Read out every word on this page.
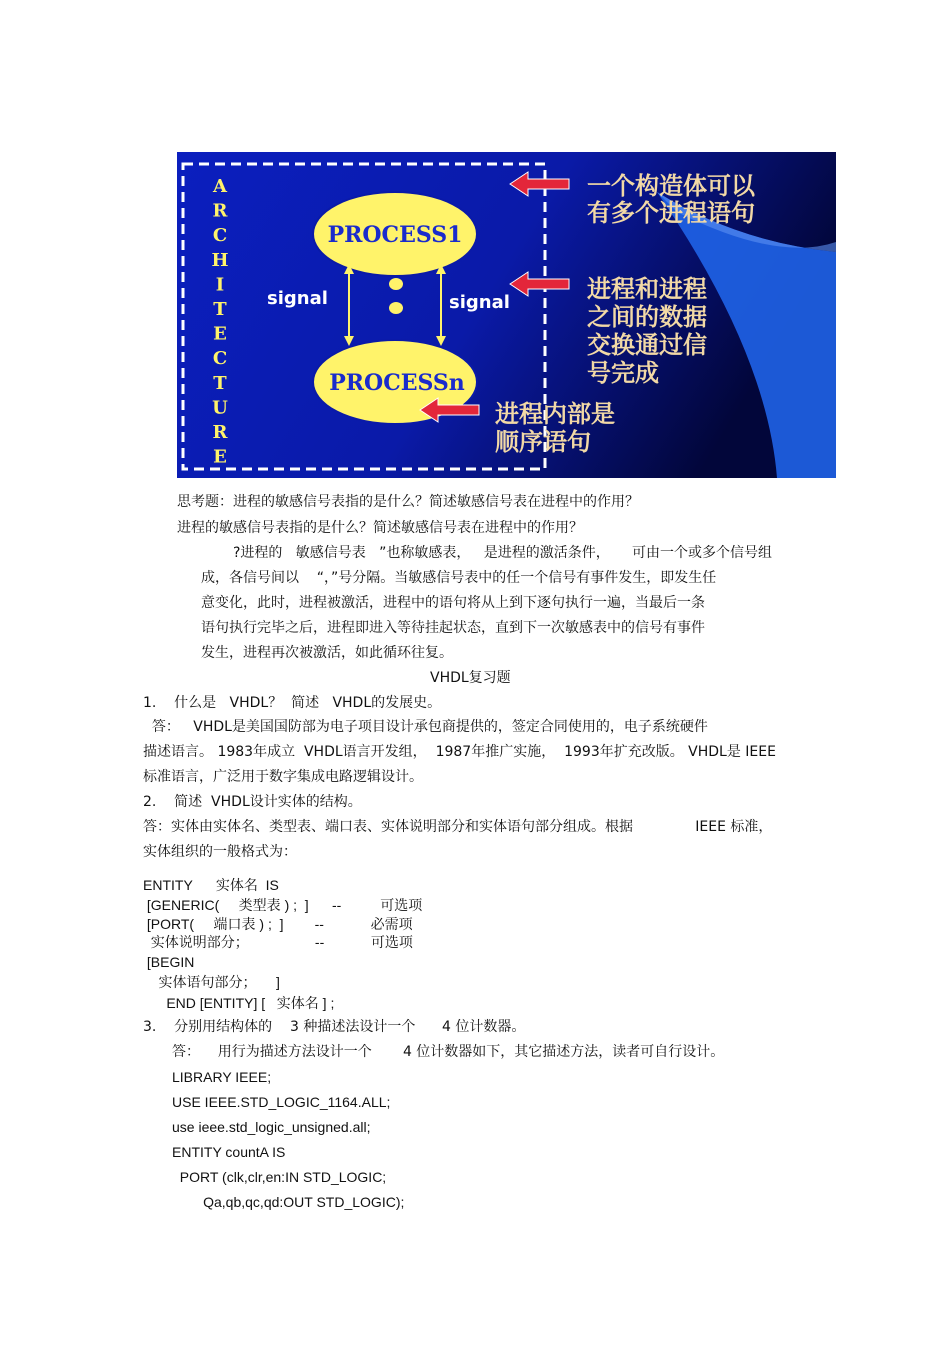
A
R
C
H
I
T
E
C
T
U
R
E
PROCESS1
PROCESSn
signal	signal
一个构造体可以
有多个进程语句
进程和进程
之间的数据
交换通过信
号完成
进程内部是
顺序语句
思考题：进程的敏感信号表指的是什么？简述敏感信号表在进程中的作用？
进程的敏感信号表指的是什么？简述敏感信号表在进程中的作用？
?进程的   敏感信号表   ”也称敏感表，   是进程的激活条件，     可由一个或多个信号组
成，各信号间以    “，”号分隔。当敏感信号表中的任一个信号有事件发生，即发生任
意变化，此时，进程被激活，进程中的语句将从上到下逐句执行一遍，当最后一条
语句执行完毕之后，进程即进入等待挂起状态，直到下一次敏感表中的信号有事件
发生，进程再次被激活，如此循环往复。
VHDL复习题
1.    什么是   VHDL？  简述   VHDL的发展史。
答：   VHDL是美国国防部为电子项目设计承包商提供的，签定合同使用的，电子系统硬件
描述语言。 1983年成立  VHDL语言开发组，  1987年推广实施，  1993年扩充改版。 VHDL是 IEEE
标准语言，广泛用于数字集成电路逻辑设计。
2.    简述  VHDL设计实体的结构。
答：实体由实体名、类型表、端口表、实体说明部分和实体语句部分组成。根据              IEEE 标准，
实体组织的一般格式为：
ENTITY      实体名  IS
[GENERIC(     类型表 ) ;  ]      --          可选项
[PORT(     端口表 ) ;  ]        --            必需项
实体说明部分；                 --            可选项
[BEGIN
实体语句部分；     ]
END [ENTITY] [   实体名 ] ;
3.    分别用结构体的    3 种描述法设计一个      4 位计数器。
答：    用行为描述方法设计一个       4 位计数器如下，其它描述方法，读者可自行设计。
LIBRARY IEEE;
USE IEEE.STD_LOGIC_1164.ALL;
use ieee.std_logic_unsigned.all;
ENTITY countA IS
PORT (clk,clr,en:IN STD_LOGIC;
Qa,qb,qc,qd:OUT STD_LOGIC);
